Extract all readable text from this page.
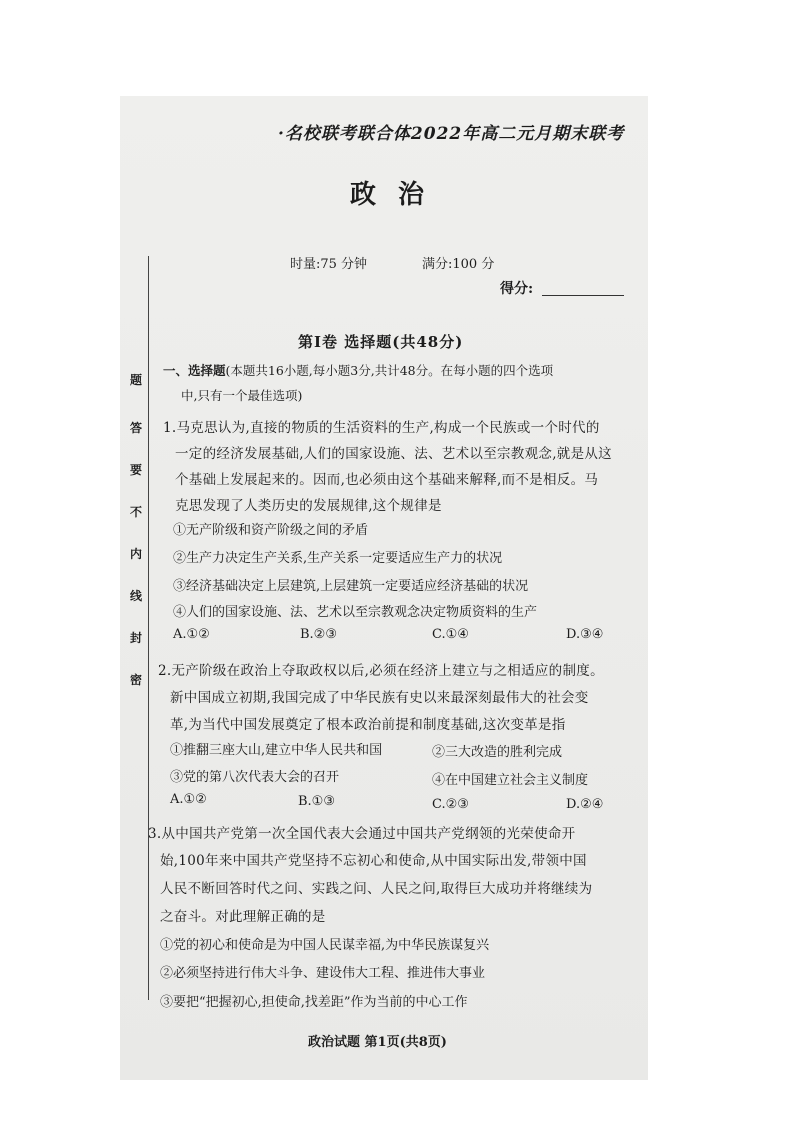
·名校联考联合体2022年高二元月期末联考
政治
时量:75 分钟	满分:100 分
得分:
密
封
线
内
不
要
答
题
第Ⅰ卷 选择题(共48分)
一、选择题(本题共16小题,每小题3分,共计48分。在每小题的四个选项
中,只有一个最佳选项)
1.马克思认为,直接的物质的生活资料的生产,构成一个民族或一个时代的
一定的经济发展基础,人们的国家设施、法、艺术以至宗教观念,就是从这
个基础上发展起来的。因而,也必须由这个基础来解释,而不是相反。马
克思发现了人类历史的发展规律,这个规律是
①无产阶级和资产阶级之间的矛盾
②生产力决定生产关系,生产关系一定要适应生产力的状况
③经济基础决定上层建筑,上层建筑一定要适应经济基础的状况
④人们的国家设施、法、艺术以至宗教观念决定物质资料的生产
A.①②	B.②③	C.①④	D.③④
2.无产阶级在政治上夺取政权以后,必须在经济上建立与之相适应的制度。
新中国成立初期,我国完成了中华民族有史以来最深刻最伟大的社会变
革,为当代中国发展奠定了根本政治前提和制度基础,这次变革是指
①推翻三座大山,建立中华人民共和国	②三大改造的胜利完成
③党的第八次代表大会的召开	④在中国建立社会主义制度
A.①②	B.①③	C.②③	D.②④
3.从中国共产党第一次全国代表大会通过中国共产党纲领的光荣使命开
始,100年来中国共产党坚持不忘初心和使命,从中国实际出发,带领中国
人民不断回答时代之问、实践之问、人民之问,取得巨大成功并将继续为
之奋斗。对此理解正确的是
①党的初心和使命是为中国人民谋幸福,为中华民族谋复兴
②必须坚持进行伟大斗争、建设伟大工程、推进伟大事业
③要把“把握初心,担使命,找差距”作为当前的中心工作
政治试题 第1页(共8页)
